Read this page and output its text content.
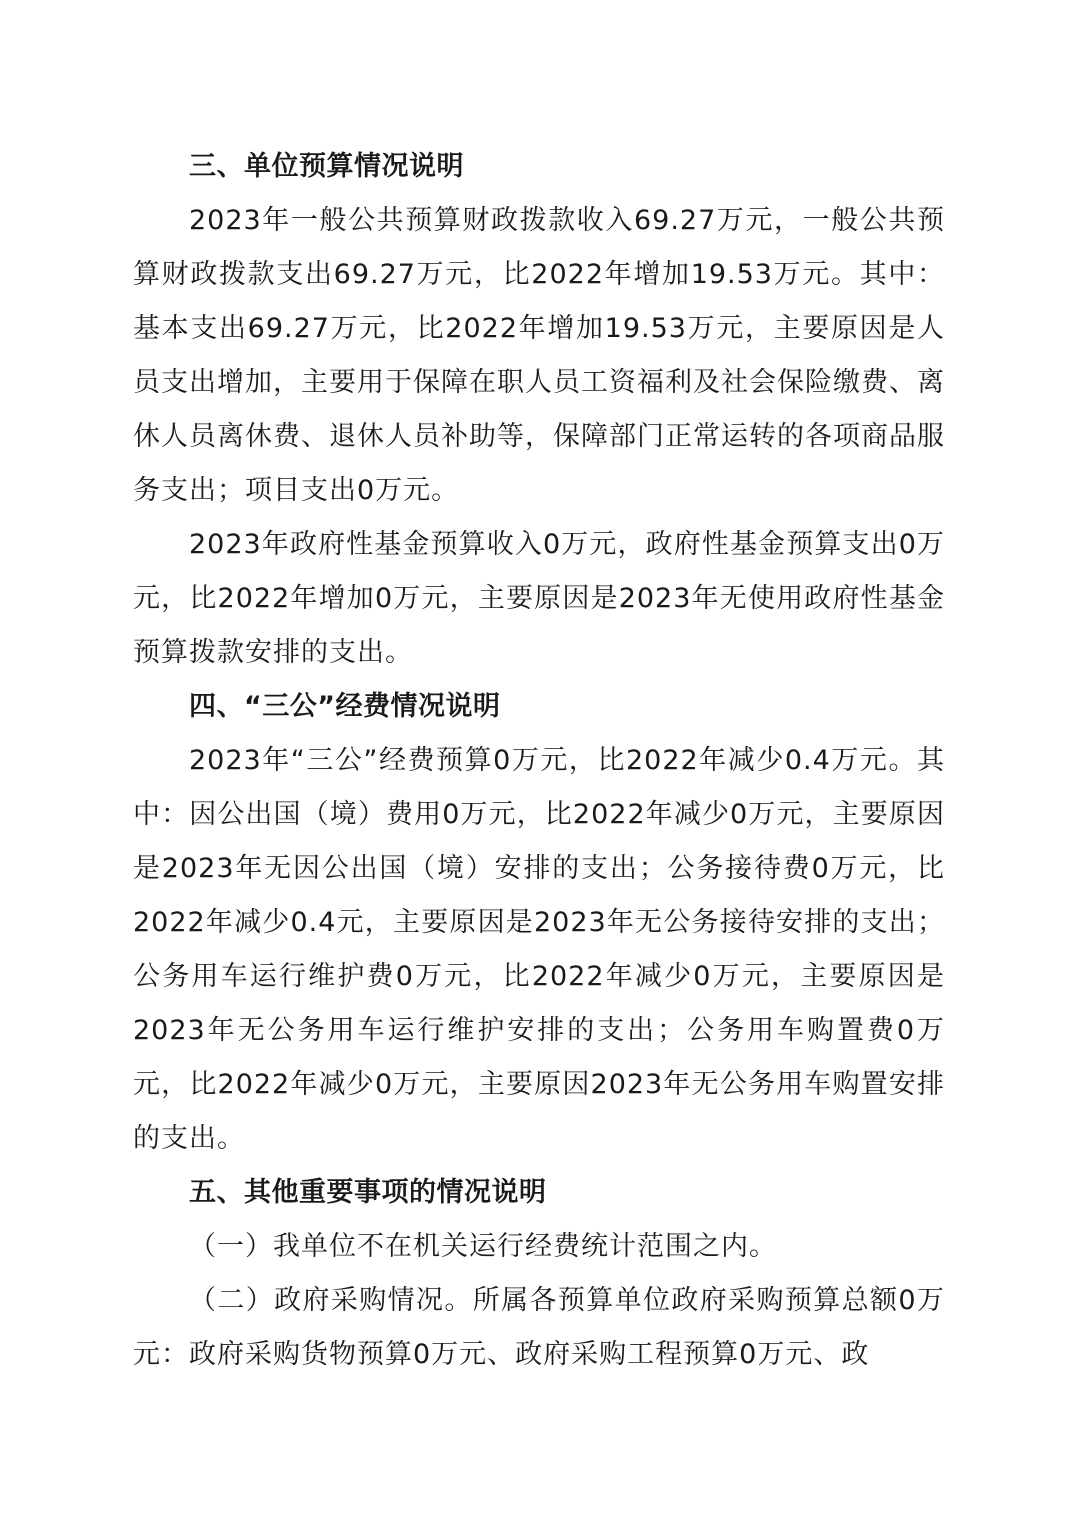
三、单位预算情况说明

2023年一般公共预算财政拨款收入69.27万元，一般公共预算财政拨款支出69.27万元，比2022年增加19.53万元。其中：基本支出69.27万元，比2022年增加19.53万元，主要原因是人员支出增加，主要用于保障在职人员工资福利及社会保险缴费、离休人员离休费、退休人员补助等，保障部门正常运转的各项商品服务支出；项目支出0万元。

2023年政府性基金预算收入0万元，政府性基金预算支出0万元，比2022年增加0万元，主要原因是2023年无使用政府性基金预算拨款安排的支出。

四、“三公”经费情况说明

2023年“三公”经费预算0万元，比2022年减少0.4万元。其中：因公出国（境）费用0万元，比2022年减少0万元，主要原因是2023年无因公出国（境）安排的支出；公务接待费0万元，比2022年减少0.4元，主要原因是2023年无公务接待安排的支出；公务用车运行维护费0万元，比2022年减少0万元，主要原因是2023年无公务用车运行维护安排的支出；公务用车购置费0万元，比2022年减少0万元，主要原因2023年无公务用车购置安排的支出。

五、其他重要事项的情况说明

（一）我单位不在机关运行经费统计范围之内。

（二）政府采购情况。所属各预算单位政府采购预算总额0万元：政府采购货物预算0万元、政府采购工程预算0万元、政
